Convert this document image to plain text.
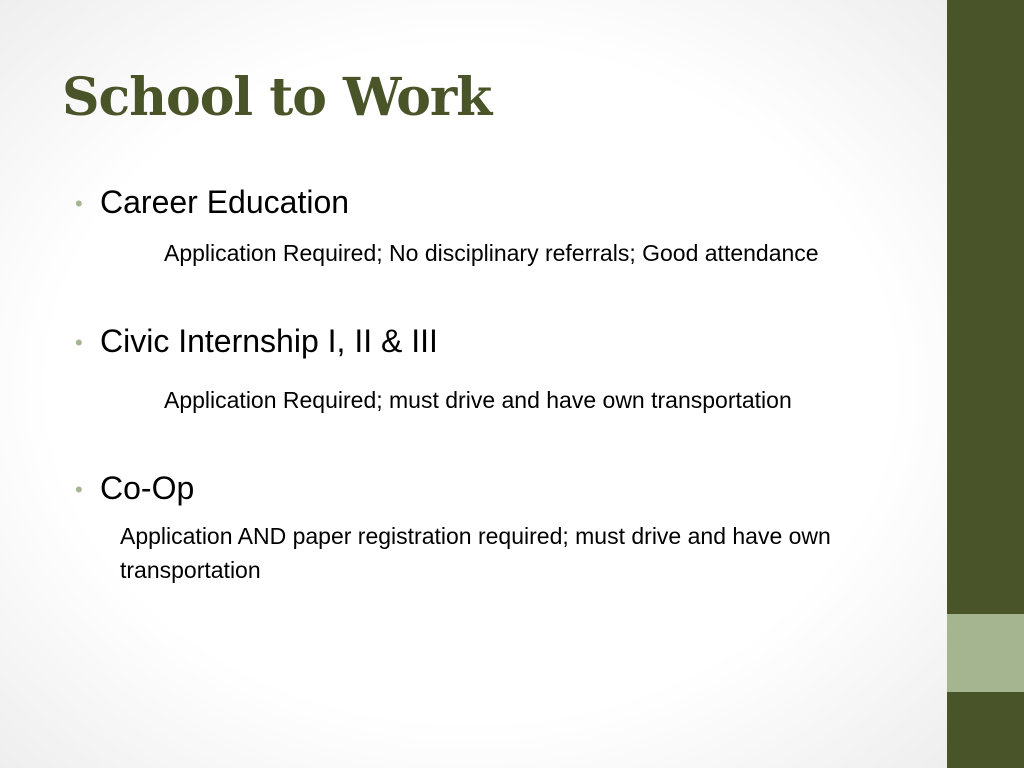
School to Work
• Career Education
Application Required; No disciplinary referrals; Good attendance
• Civic Internship I, II & III
Application Required; must drive and have own transportation
• Co-Op
Application AND paper registration required; must drive and have own transportation
